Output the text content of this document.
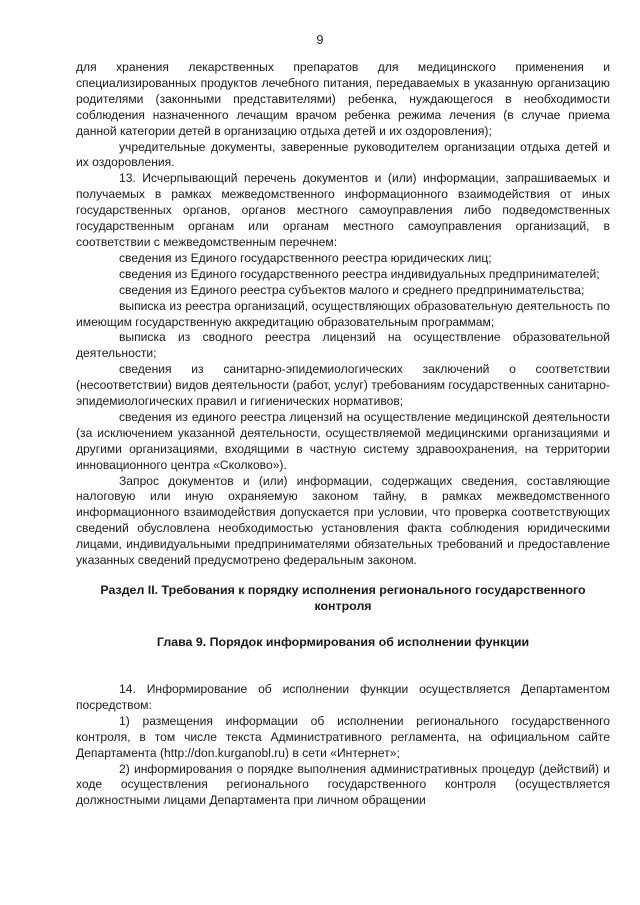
9

для хранения лекарственных препаратов для медицинского применения и специализированных продуктов лечебного питания, передаваемых в указанную организацию родителями (законными представителями) ребенка, нуждающегося в необходимости соблюдения назначенного лечащим врачом ребенка режима лечения (в случае приема данной категории детей в организацию отдыха детей и их оздоровления);

учредительные документы, заверенные руководителем организации отдыха детей и их оздоровления.

13. Исчерпывающий перечень документов и (или) информации, запрашиваемых и получаемых в рамках межведомственного информационного взаимодействия от иных государственных органов, органов местного самоуправления либо подведомственных государственным органам или органам местного самоуправления организаций, в соответствии с межведомственным перечнем:

сведения из Единого государственного реестра юридических лиц;

сведения из Единого государственного реестра индивидуальных предпринимателей;

сведения из Единого реестра субъектов малого и среднего предпринимательства;

выписка из реестра организаций, осуществляющих образовательную деятельность по имеющим государственную аккредитацию образовательным программам;

выписка из сводного реестра лицензий на осуществление образовательной деятельности;

сведения из санитарно-эпидемиологических заключений о соответствии (несоответствии) видов деятельности (работ, услуг) требованиям государственных санитарно-эпидемиологических правил и гигиенических нормативов;

сведения из единого реестра лицензий на осуществление медицинской деятельности (за исключением указанной деятельности, осуществляемой медицинскими организациями и другими организациями, входящими в частную систему здравоохранения, на территории инновационного центра «Сколково»).

Запрос документов и (или) информации, содержащих сведения, составляющие налоговую или иную охраняемую законом тайну, в рамках межведомственного информационного взаимодействия допускается при условии, что проверка соответствующих сведений обусловлена необходимостью установления факта соблюдения юридическими лицами, индивидуальными предпринимателями обязательных требований и предоставление указанных сведений предусмотрено федеральным законом.

Раздел II. Требования к порядку исполнения регионального государственного контроля
Глава 9. Порядок информирования об исполнении функции

14. Информирование об исполнении функции осуществляется Департаментом посредством:

1) размещения информации об исполнении регионального государственного контроля, в том числе текста Административного регламента, на официальном сайте Департамента (http://don.kurganobl.ru) в сети «Интернет»;

2) информирования о порядке выполнения административных процедур (действий) и ходе осуществления регионального государственного контроля (осуществляется должностными лицами Департамента при личном обращении
